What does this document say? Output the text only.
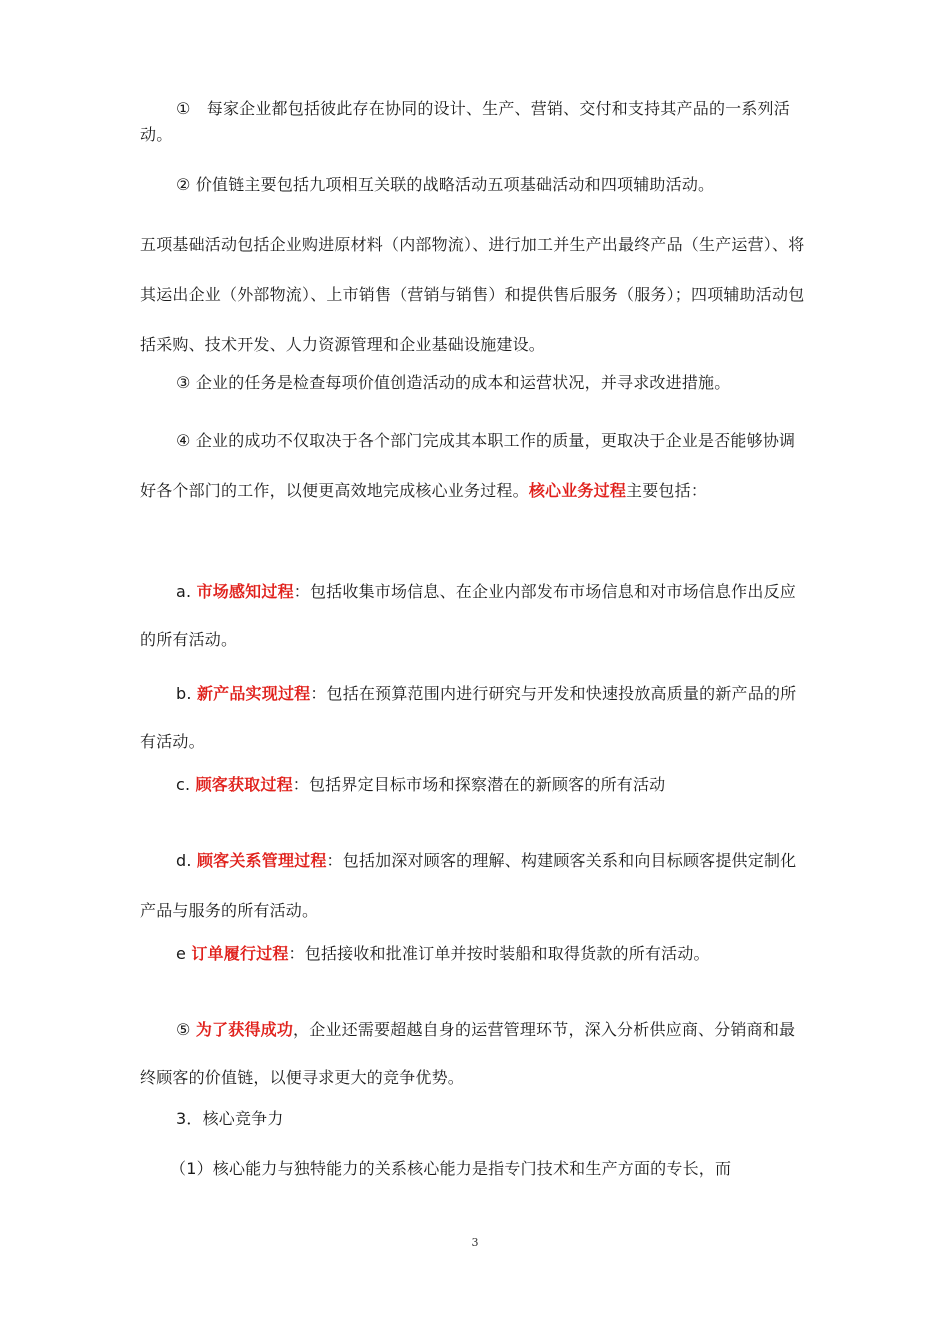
①　每家企业都包括彼此存在协同的设计、生产、营销、交付和支持其产品的一系列活动。

② 价值链主要包括九项相互关联的战略活动五项基础活动和四项辅助活动。

五项基础活动包括企业购进原材料（内部物流）、进行加工并生产出最终产品（生产运营）、将其运出企业（外部物流）、上市销售（营销与销售）和提供售后服务（服务）；四项辅助活动包括采购、技术开发、人力资源管理和企业基础设施建设。

③ 企业的任务是检查每项价值创造活动的成本和运营状况，并寻求改进措施。

④ 企业的成功不仅取决于各个部门完成其本职工作的质量，更取决于企业是否能够协调好各个部门的工作，以便更高效地完成核心业务过程。核心业务过程主要包括：

a. 市场感知过程：包括收集市场信息、在企业内部发布市场信息和对市场信息作出反应的所有活动。

b. 新产品实现过程：包括在预算范围内进行研究与开发和快速投放高质量的新产品的所有活动。

c. 顾客获取过程：包括界定目标市场和探察潜在的新顾客的所有活动

d. 顾客关系管理过程：包括加深对顾客的理解、构建顾客关系和向目标顾客提供定制化产品与服务的所有活动。

e 订单履行过程：包括接收和批准订单并按时装船和取得货款的所有活动。

⑤ 为了获得成功，企业还需要超越自身的运营管理环节，深入分析供应商、分销商和最终顾客的价值链，以便寻求更大的竞争优势。

3．核心竞争力

（1）核心能力与独特能力的关系核心能力是指专门技术和生产方面的专长，而

3
